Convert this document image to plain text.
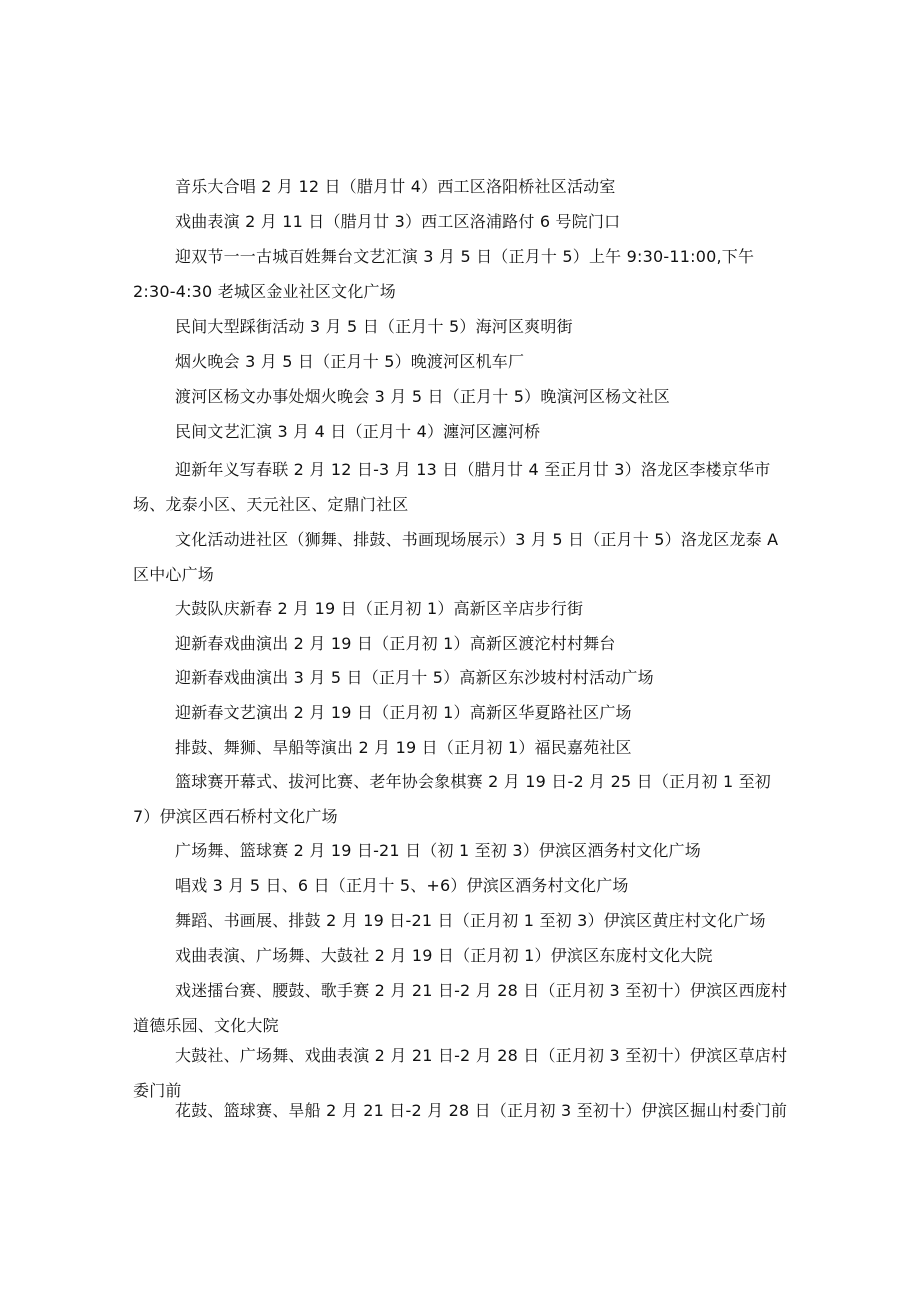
音乐大合唱 2 月 12 日（腊月廿 4）西工区洛阳桥社区活动室

戏曲表演 2 月 11 日（腊月廿 3）西工区洛浦路付 6 号院门口

迎双节一一古城百姓舞台文艺汇演 3 月 5 日（正月十 5）上午 9:30-11:00,下午 2:30-4:30 老城区金业社区文化广场

民间大型踩街活动 3 月 5 日（正月十 5）海河区爽明街

烟火晚会 3 月 5 日（正月十 5）晚渡河区机车厂

渡河区杨文办事处烟火晚会 3 月 5 日（正月十 5）晚演河区杨文社区

民间文艺汇演 3 月 4 日（正月十 4）瀍河区瀍河桥

迎新年义写春联 2 月 12 日-3 月 13 日（腊月廿 4 至正月廿 3）洛龙区李楼京华市场、龙泰小区、天元社区、定鼎门社区

文化活动进社区（狮舞、排鼓、书画现场展示）3 月 5 日（正月十 5）洛龙区龙泰 A 区中心广场

大鼓队庆新春 2 月 19 日（正月初 1）高新区辛店步行街

迎新春戏曲演出 2 月 19 日（正月初 1）高新区渡沱村村舞台

迎新春戏曲演出 3 月 5 日（正月十 5）高新区东沙坡村村活动广场

迎新春文艺演出 2 月 19 日（正月初 1）高新区华夏路社区广场

排鼓、舞狮、旱船等演出 2 月 19 日（正月初 1）福民嘉苑社区

篮球赛开幕式、拔河比赛、老年协会象棋赛 2 月 19 日-2 月 25 日（正月初 1 至初 7）伊滨区西石桥村文化广场

广场舞、篮球赛 2 月 19 日-21 日（初 1 至初 3）伊滨区酒务村文化广场

唱戏 3 月 5 日、6 日（正月十 5、+6）伊滨区酒务村文化广场

舞蹈、书画展、排鼓 2 月 19 日-21 日（正月初 1 至初 3）伊滨区黄庄村文化广场

戏曲表演、广场舞、大鼓社 2 月 19 日（正月初 1）伊滨区东庞村文化大院

戏迷擂台赛、腰鼓、歌手赛 2 月 21 日-2 月 28 日（正月初 3 至初十）伊滨区西庞村道德乐园、文化大院

大鼓社、广场舞、戏曲表演 2 月 21 日-2 月 28 日（正月初 3 至初十）伊滨区草店村委门前

花鼓、篮球赛、旱船 2 月 21 日-2 月 28 日（正月初 3 至初十）伊滨区掘山村委门前
